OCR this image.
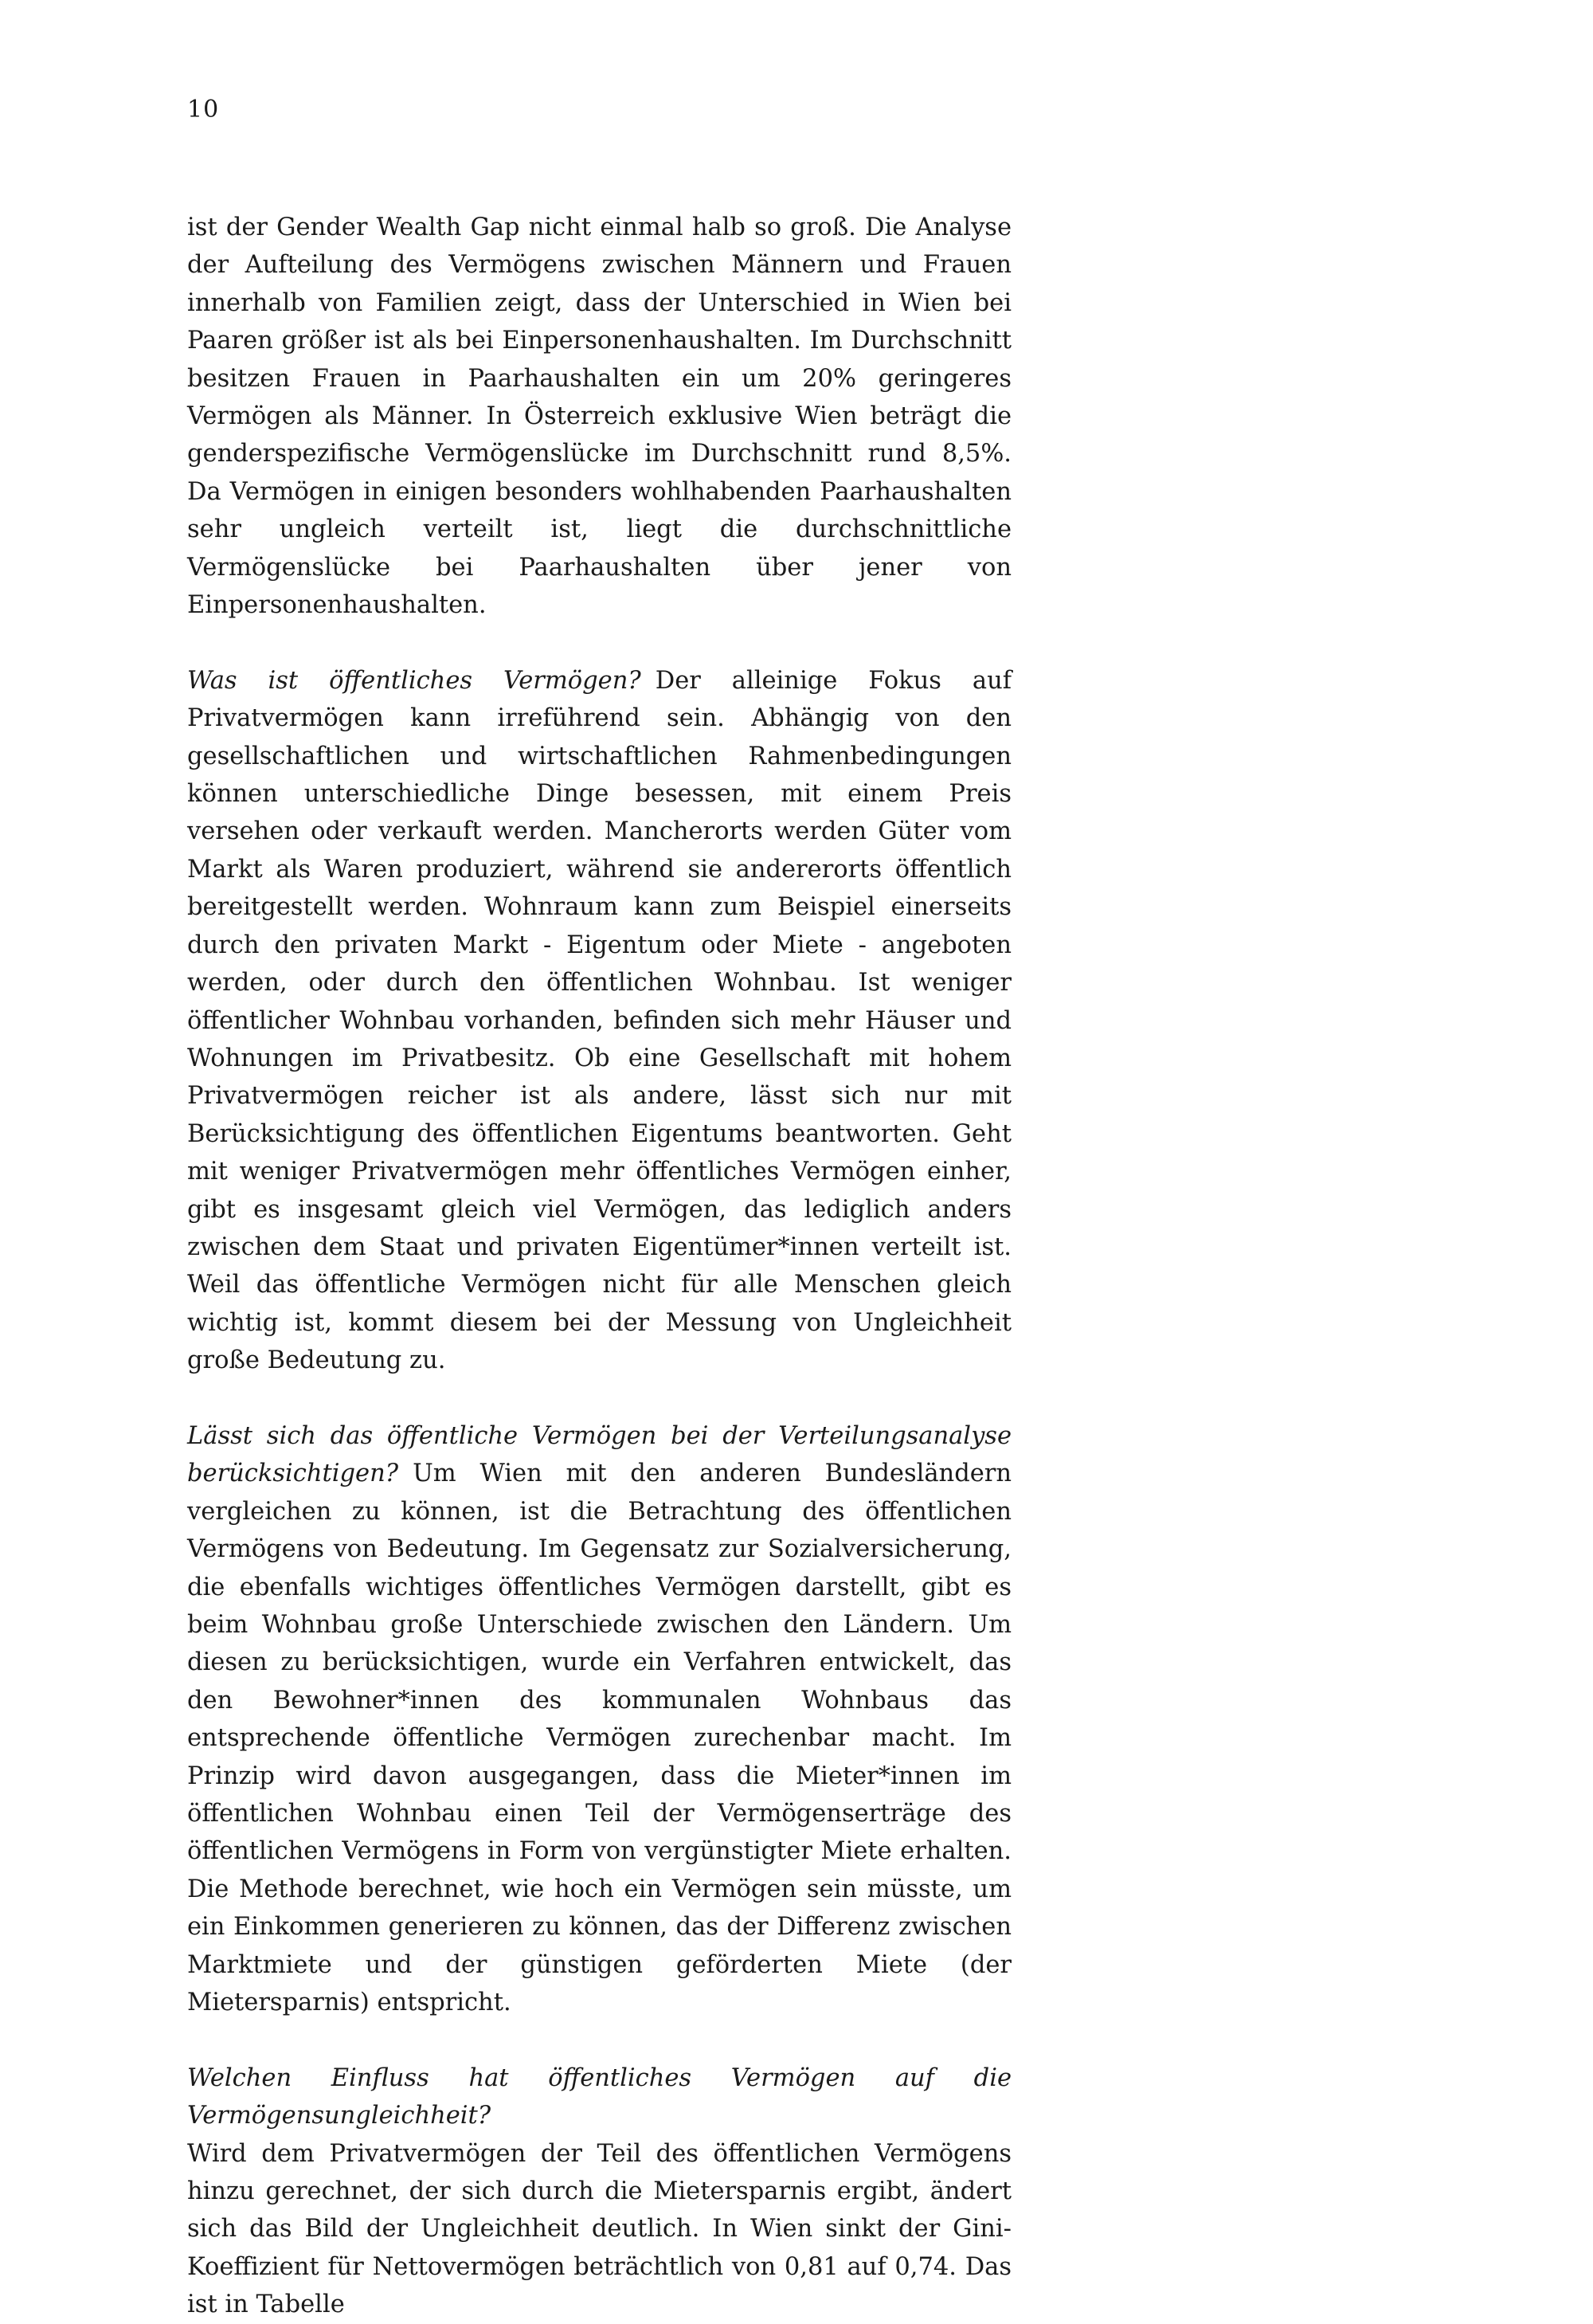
10

ist der Gender Wealth Gap nicht einmal halb so groß. Die Analyse der Aufteilung des Vermögens zwischen Männern und Frauen innerhalb von Familien zeigt, dass der Unterschied in Wien bei Paaren größer ist als bei Einpersonenhaushalten. Im Durchschnitt besitzen Frauen in Paarhaushalten ein um 20% geringeres Vermögen als Männer. In Österreich exklusive Wien beträgt die genderspezifische Vermögenslücke im Durchschnitt rund 8,5%. Da Vermögen in einigen besonders wohlhabenden Paarhaushalten sehr ungleich verteilt ist, liegt die durchschnittliche Vermögenslücke bei Paarhaushalten über jener von Einpersonenhaushalten.

Was ist öffentliches Vermögen? Der alleinige Fokus auf Privatvermögen kann irreführend sein. Abhängig von den gesellschaftlichen und wirtschaftlichen Rahmenbedingungen können unterschiedliche Dinge besessen, mit einem Preis versehen oder verkauft werden. Mancherorts werden Güter vom Markt als Waren produziert, während sie andererorts öffentlich bereitgestellt werden. Wohnraum kann zum Beispiel einerseits durch den privaten Markt - Eigentum oder Miete - angeboten werden, oder durch den öffentlichen Wohnbau. Ist weniger öffentlicher Wohnbau vorhanden, befinden sich mehr Häuser und Wohnungen im Privatbesitz. Ob eine Gesellschaft mit hohem Privatvermögen reicher ist als andere, lässt sich nur mit Berücksichtigung des öffentlichen Eigentums beantworten. Geht mit weniger Privatvermögen mehr öffentliches Vermögen einher, gibt es insgesamt gleich viel Vermögen, das lediglich anders zwischen dem Staat und privaten Eigentümer*innen verteilt ist. Weil das öffentliche Vermögen nicht für alle Menschen gleich wichtig ist, kommt diesem bei der Messung von Ungleichheit große Bedeutung zu.

Lässt sich das öffentliche Vermögen bei der Verteilungsanalyse berücksichtigen? Um Wien mit den anderen Bundesländern vergleichen zu können, ist die Betrachtung des öffentlichen Vermögens von Bedeutung. Im Gegensatz zur Sozialversicherung, die ebenfalls wichtiges öffentliches Vermögen darstellt, gibt es beim Wohnbau große Unterschiede zwischen den Ländern. Um diesen zu berücksichtigen, wurde ein Verfahren entwickelt, das den Bewohner*innen des kommunalen Wohnbaus das entsprechende öffentliche Vermögen zurechenbar macht. Im Prinzip wird davon ausgegangen, dass die Mieter*innen im öffentlichen Wohnbau einen Teil der Vermögenserträge des öffentlichen Vermögens in Form von vergünstigter Miete erhalten. Die Methode berechnet, wie hoch ein Vermögen sein müsste, um ein Einkommen generieren zu können, das der Differenz zwischen Marktmiete und der günstigen geförderten Miete (der Mietersparnis) entspricht.

Welchen Einfluss hat öffentliches Vermögen auf die Vermögensungleichheit?
Wird dem Privatvermögen der Teil des öffentlichen Vermögens hinzu gerechnet, der sich durch die Mietersparnis ergibt, ändert sich das Bild der Ungleichheit deutlich. In Wien sinkt der Gini-Koeffizient für Nettovermögen beträchtlich von 0,81 auf 0,74. Das ist in Tabelle
